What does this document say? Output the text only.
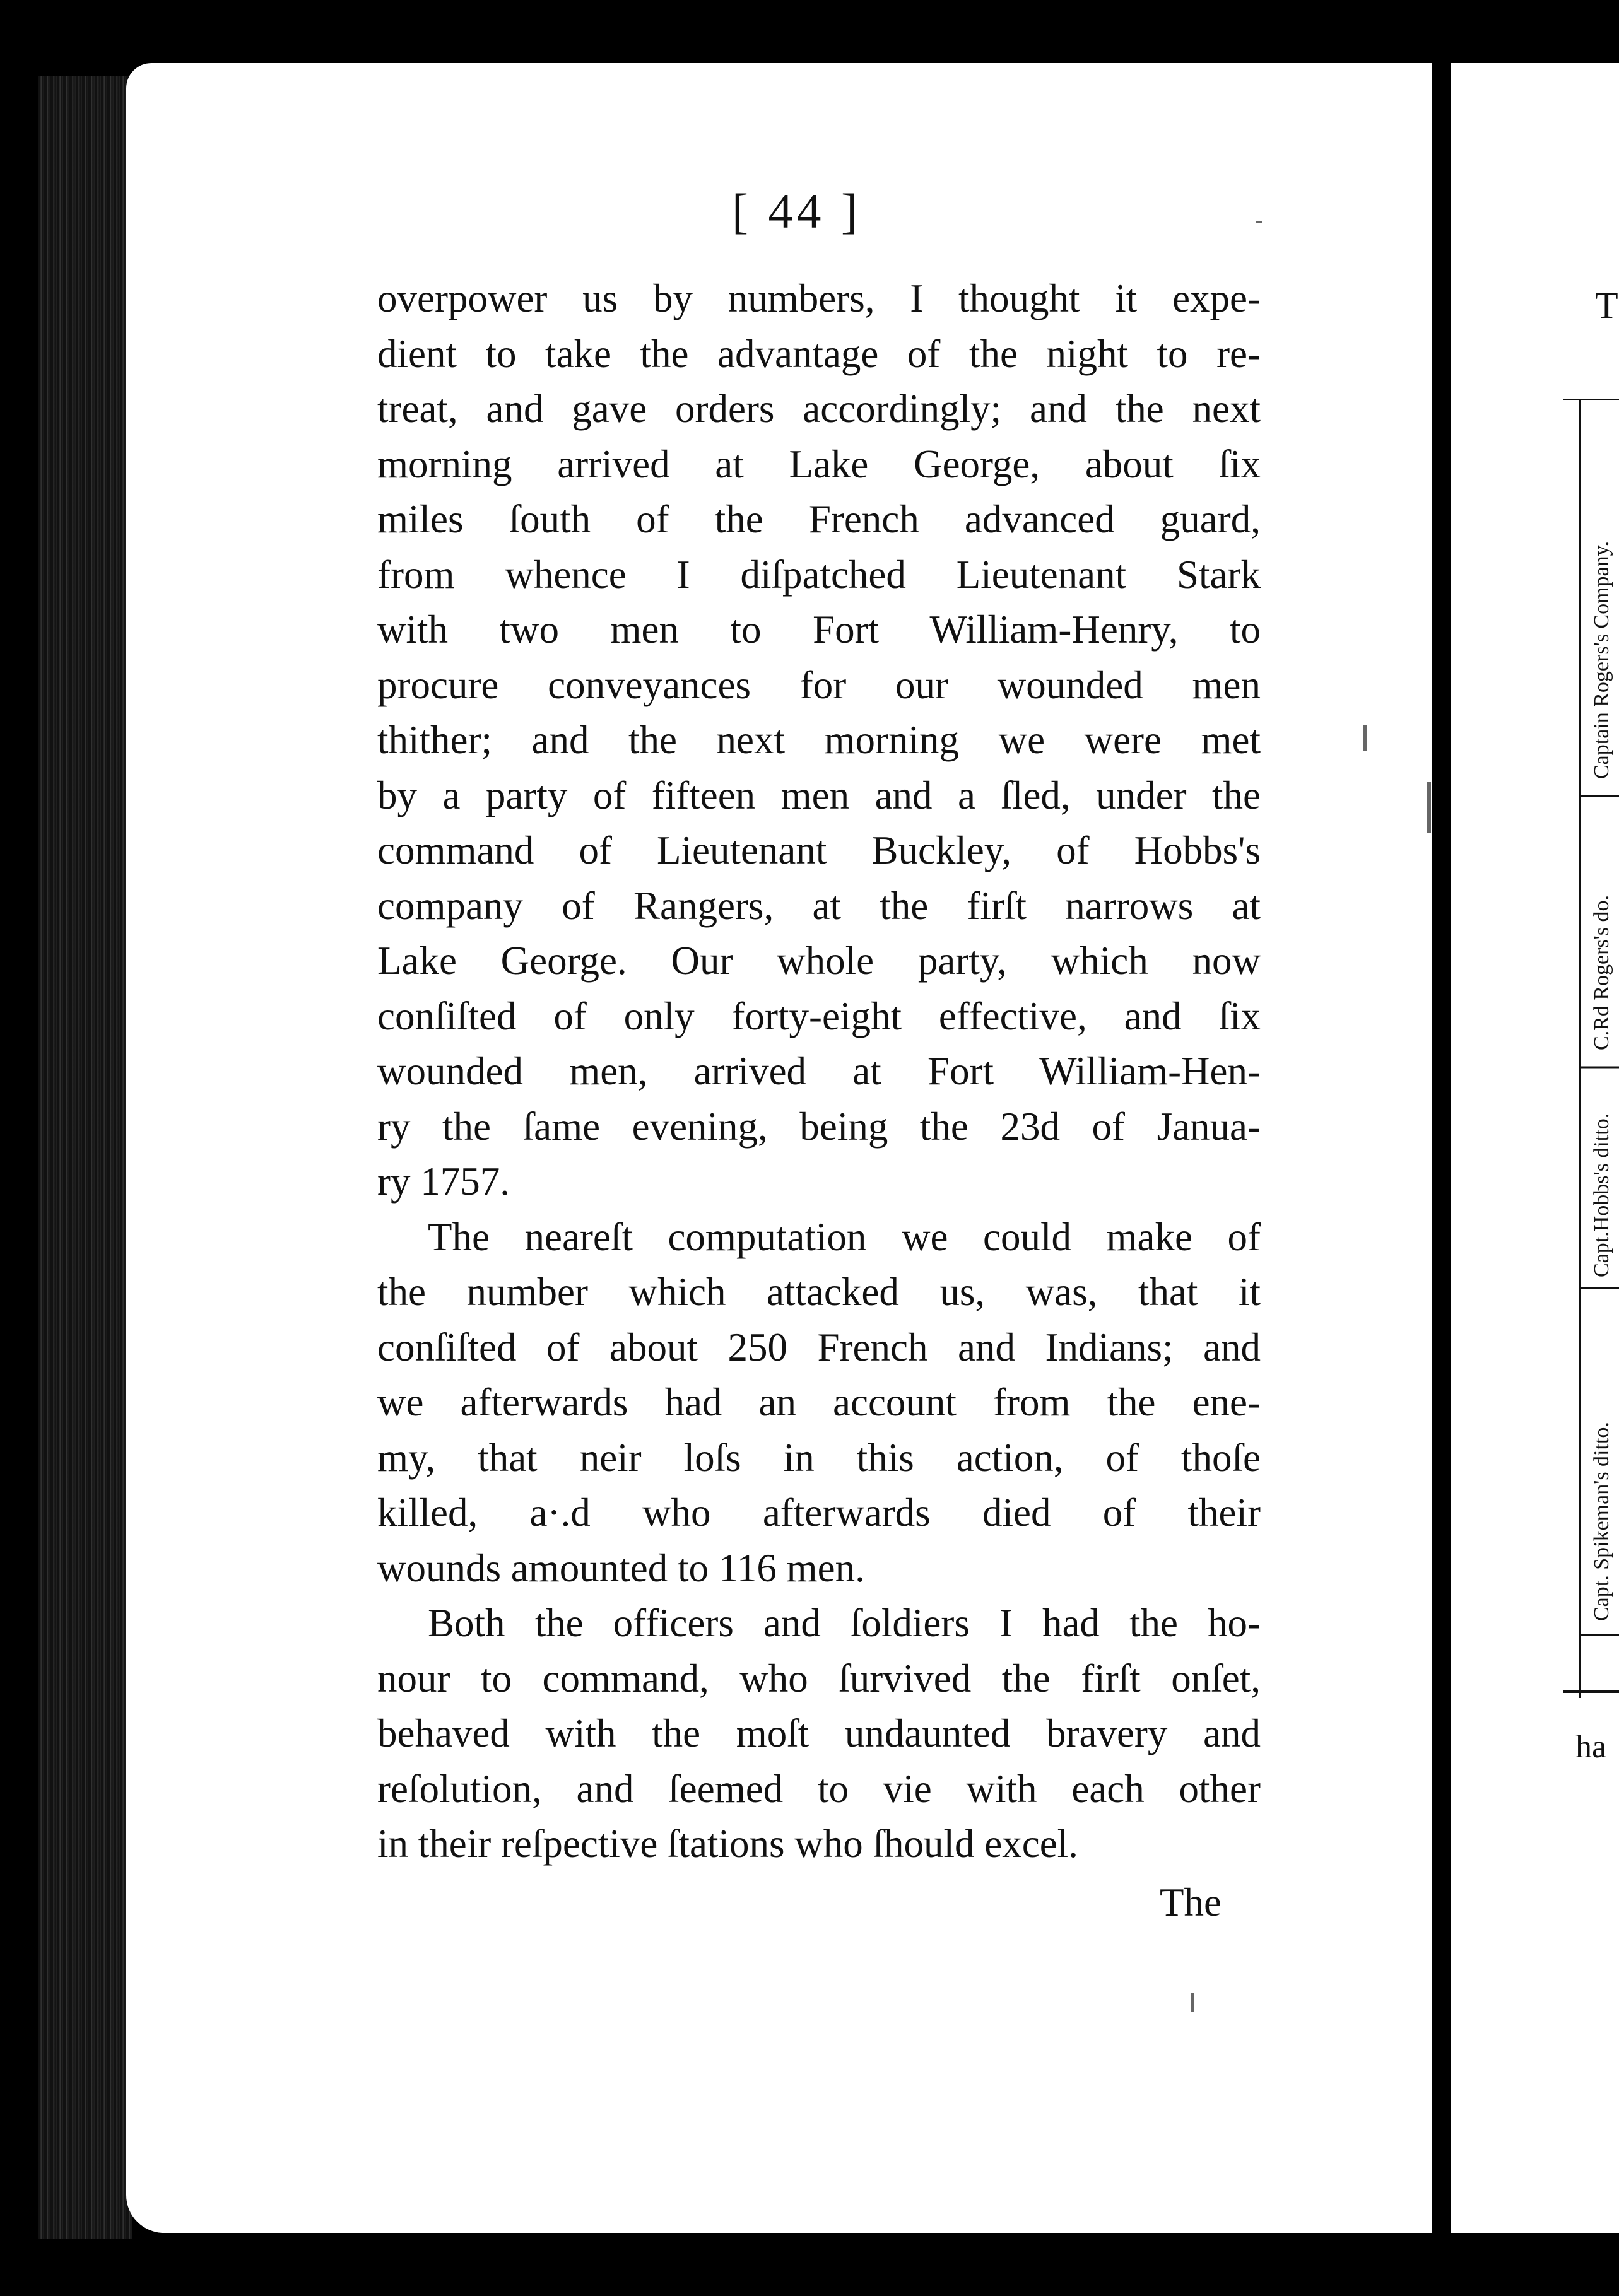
[ 44 ]
overpower us by numbers, I thought it expe-
dient to take the advantage of the night to re-
treat, and gave orders accordingly; and the next
morning arrived at Lake George, about ſix
miles ſouth of the French advanced guard,
from whence I diſpatched Lieutenant Stark
with two men to Fort William-Henry, to
procure conveyances for our wounded men
thither; and the next morning we were met
by a party of fifteen men and a ſled, under the
command of Lieutenant Buckley, of Hobbs's
company of Rangers, at the firſt narrows at
Lake George. Our whole party, which now
conſiſted of only forty-eight effective, and ſix
wounded men, arrived at Fort William-Hen-
ry the ſame evening, being the 23d of Janua-
ry 1757.
The neareſt computation we could make of
the number which attacked us, was, that it
conſiſted of about 250 French and Indians; and
we afterwards had an account from the ene-
my, that neir loſs in this action, of thoſe
killed, a·.d who afterwards died of their
wounds amounted to 116 men.
Both the officers and ſoldiers I had the ho-
nour to command, who ſurvived the firſt onſet,
behaved with the moſt undaunted bravery and
reſolution, and ſeemed to vie with each other
in their reſpective ſtations who ſhould excel.
The
T
ha
Captain Rogers's Company.
C.Rd Rogers's do.
Capt.Hobbs's ditto.
Capt. Spikeman's ditto.
